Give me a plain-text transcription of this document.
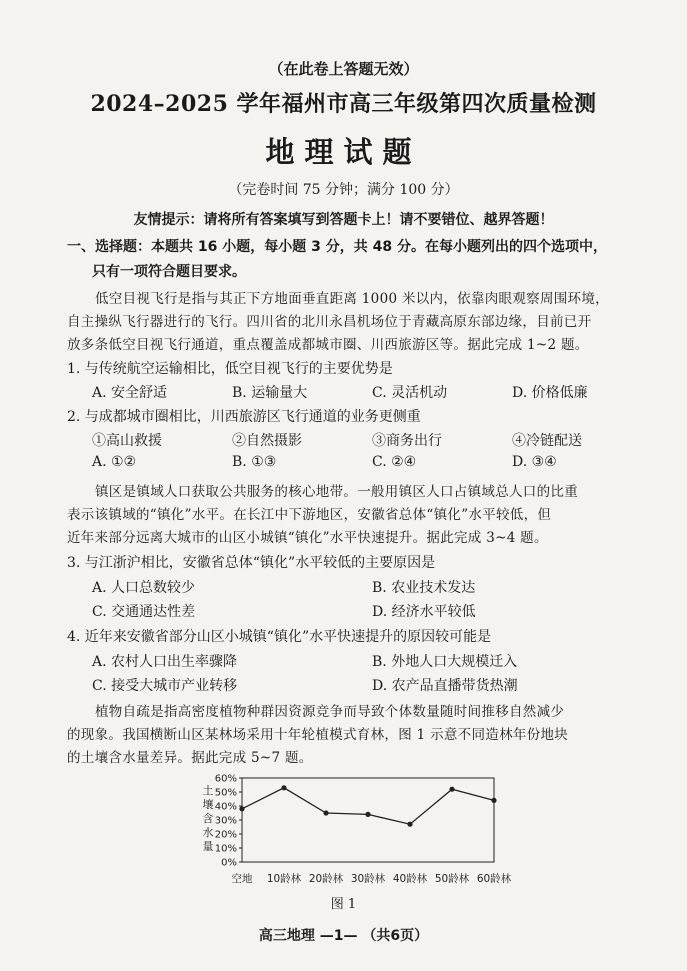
（在此卷上答题无效）
2024–2025 学年福州市高三年级第四次质量检测
地理试题
（完卷时间 75 分钟；满分 100 分）
友情提示：请将所有答案填写到答题卡上！请不要错位、越界答题！
一、选择题：本题共 16 小题，每小题 3 分，共 48 分。在每小题列出的四个选项中，
只有一项符合题目要求。
低空目视飞行是指与其正下方地面垂直距离 1000 米以内，依靠肉眼观察周围环境，
自主操纵飞行器进行的飞行。四川省的北川永昌机场位于青藏高原东部边缘，目前已开
放多条低空目视飞行通道，重点覆盖成都城市圈、川西旅游区等。据此完成 1~2 题。
1. 与传统航空运输相比，低空目视飞行的主要优势是
A. 安全舒适	B. 运输量大	C. 灵活机动	D. 价格低廉
2. 与成都城市圈相比，川西旅游区飞行通道的业务更侧重
①高山救援	②自然摄影	③商务出行	④冷链配送
A. ①②	B. ①③	C. ②④	D. ③④
镇区是镇域人口获取公共服务的核心地带。一般用镇区人口占镇域总人口的比重
表示该镇域的“镇化”水平。在长江中下游地区，安徽省总体“镇化”水平较低，但
近年来部分远离大城市的山区小城镇“镇化”水平快速提升。据此完成 3~4 题。
3. 与江浙沪相比，安徽省总体“镇化”水平较低的主要原因是
A. 人口总数较少	B. 农业技术发达
C. 交通通达性差	D. 经济水平较低
4. 近年来安徽省部分山区小城镇“镇化”水平快速提升的原因较可能是
A. 农村人口出生率骤降	B. 外地人口大规模迁入
C. 接受大城市产业转移	D. 农产品直播带货热潮
植物自疏是指高密度植物种群因资源竞争而导致个体数量随时间推移自然减少
的现象。我国横断山区某林场采用十年轮植模式育林，图 1 示意不同造林年份地块
的土壤含水量差异。据此完成 5~7 题。
0%
10%
20%
30%
40%
50%
60%
空地 10龄林 20龄林 30龄林 40龄林 50龄林 60龄林
土
壤
含
水
量
图 1
高三地理 —1— （共6页）
